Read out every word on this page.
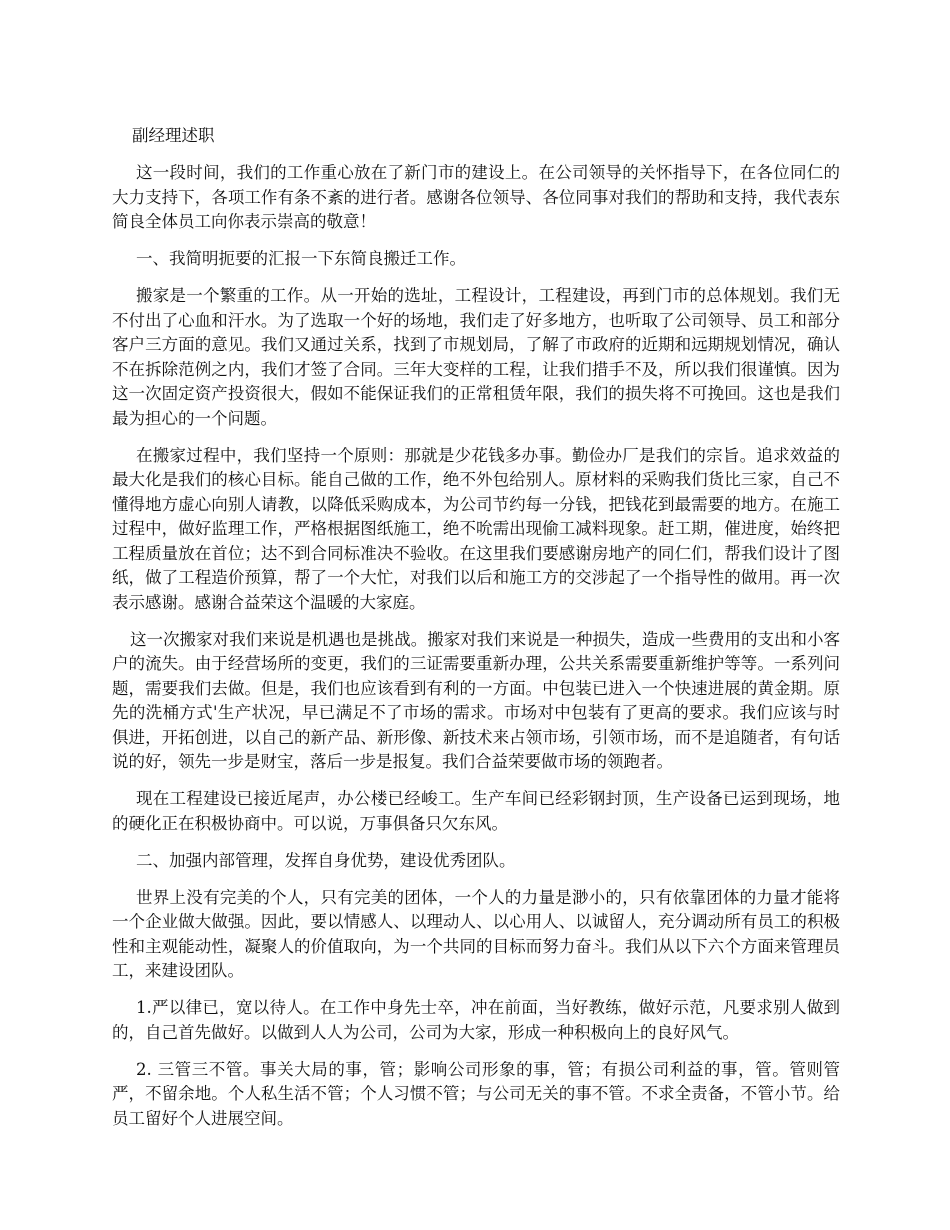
副经理述职

这一段时间，我们的工作重心放在了新门市的建设上。在公司领导的关怀指导下，在各位同仁的大力支持下，各项工作有条不紊的进行者。感谢各位领导、各位同事对我们的帮助和支持，我代表东简良全体员工向你表示崇高的敬意！

一、我简明扼要的汇报一下东简良搬迁工作。

搬家是一个繁重的工作。从一开始的选址，工程设计，工程建设，再到门市的总体规划。我们无不付出了心血和汗水。为了选取一个好的场地，我们走了好多地方，也听取了公司领导、员工和部分客户三方面的意见。我们又通过关系，找到了市规划局，了解了市政府的近期和远期规划情况，确认不在拆除范例之内，我们才签了合同。三年大变样的工程，让我们措手不及，所以我们很谨慎。因为这一次固定资产投资很大，假如不能保证我们的正常租赁年限，我们的损失将不可挽回。这也是我们最为担心的一个问题。

在搬家过程中，我们坚持一个原则：那就是少花钱多办事。勤俭办厂是我们的宗旨。追求效益的最大化是我们的核心目标。能自己做的工作，绝不外包给别人。原材料的采购我们货比三家，自己不懂得地方虚心向别人请教，以降低采购成本，为公司节约每一分钱，把钱花到最需要的地方。在施工过程中，做好监理工作，严格根据图纸施工，绝不吮需出现偷工减料现象。赶工期，催进度，始终把工程质量放在首位；达不到合同标准决不验收。在这里我们要感谢房地产的同仁们，帮我们设计了图纸，做了工程造价预算，帮了一个大忙，对我们以后和施工方的交涉起了一个指导性的做用。再一次表示感谢。感谢合益荣这个温暖的大家庭。

这一次搬家对我们来说是机遇也是挑战。搬家对我们来说是一种损失，造成一些费用的支出和小客户的流失。由于经营场所的变更，我们的三证需要重新办理，公共关系需要重新维护等等。一系列问题，需要我们去做。但是，我们也应该看到有利的一方面。中包装已进入一个快速进展的黄金期。原先的洗桶方式'生产状况，早已满足不了市场的需求。市场对中包装有了更高的要求。我们应该与时俱进，开拓创进，以自己的新产品、新形像、新技术来占领市场，引领市场，而不是追随者，有句话说的好，领先一步是财宝，落后一步是报复。我们合益荣要做市场的领跑者。

现在工程建设已接近尾声，办公楼已经峻工。生产车间已经彩钢封顶，生产设备已运到现场，地的硬化正在积极协商中。可以说，万事俱备只欠东风。

二、加强内部管理，发挥自身优势，建设优秀团队。

世界上没有完美的个人，只有完美的团体，一个人的力量是渺小的，只有依靠团体的力量才能将一个企业做大做强。因此，要以情感人、以理动人、以心用人、以诚留人，充分调动所有员工的积极性和主观能动性，凝聚人的价值取向，为一个共同的目标而努力奋斗。我们从以下六个方面来管理员工，来建设团队。

1.严以律已，宽以待人。在工作中身先士卒，冲在前面，当好教练，做好示范，凡要求别人做到的，自己首先做好。以做到人人为公司，公司为大家，形成一种积极向上的良好风气。

2. 三管三不管。事关大局的事，管；影响公司形象的事，管；有损公司利益的事，管。管则管严，不留余地。个人私生活不管；个人习惯不管；与公司无关的事不管。不求全责备，不管小节。给员工留好个人进展空间。
